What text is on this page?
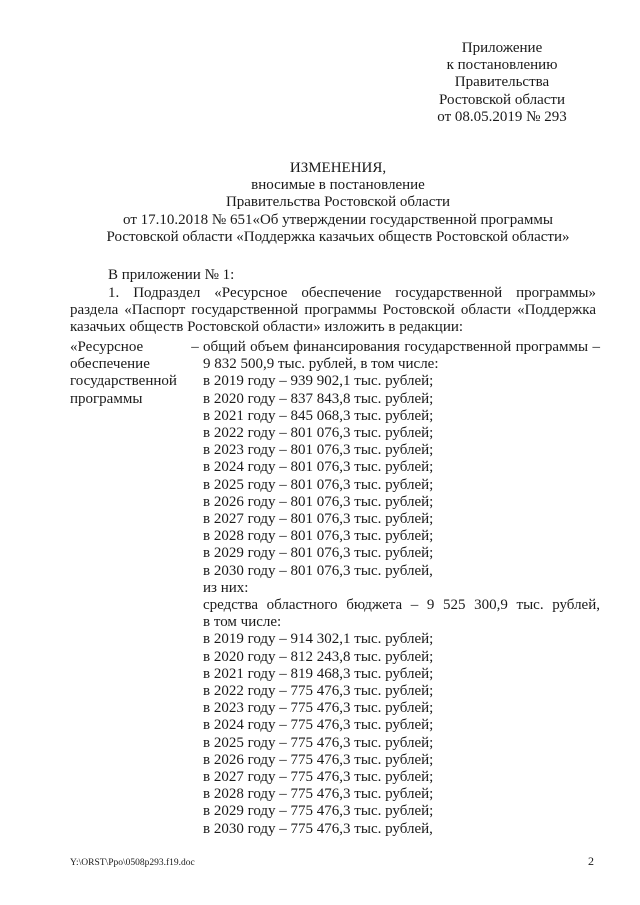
Приложение
к постановлению
Правительства
Ростовской области
от 08.05.2019 № 293
ИЗМЕНЕНИЯ,
вносимые в постановление
Правительства Ростовской области
от 17.10.2018 № 651«Об утверждении государственной программы
Ростовской области «Поддержка казачьих обществ Ростовской области»
В приложении № 1:
1. Подраздел «Ресурсное обеспечение государственной программы»
раздела «Паспорт государственной программы Ростовской области «Поддержка
казачьих обществ Ростовской области» изложить в редакции:
«Ресурсное
обеспечение
государственной
программы
– общий объем финансирования государственной программы –
9 832 500,9 тыс. рублей, в том числе:
в 2019 году – 939 902,1 тыс. рублей;
в 2020 году – 837 843,8 тыс. рублей;
в 2021 году – 845 068,3 тыс. рублей;
в 2022 году – 801 076,3 тыс. рублей;
в 2023 году – 801 076,3 тыс. рублей;
в 2024 году – 801 076,3 тыс. рублей;
в 2025 году – 801 076,3 тыс. рублей;
в 2026 году – 801 076,3 тыс. рублей;
в 2027 году – 801 076,3 тыс. рублей;
в 2028 году – 801 076,3 тыс. рублей;
в 2029 году – 801 076,3 тыс. рублей;
в 2030 году – 801 076,3 тыс. рублей,
из них:
средства областного бюджета – 9 525 300,9 тыс. рублей,
в том числе:
в 2019 году – 914 302,1 тыс. рублей;
в 2020 году – 812 243,8 тыс. рублей;
в 2021 году – 819 468,3 тыс. рублей;
в 2022 году – 775 476,3 тыс. рублей;
в 2023 году – 775 476,3 тыс. рублей;
в 2024 году – 775 476,3 тыс. рублей;
в 2025 году – 775 476,3 тыс. рублей;
в 2026 году – 775 476,3 тыс. рублей;
в 2027 году – 775 476,3 тыс. рублей;
в 2028 году – 775 476,3 тыс. рублей;
в 2029 году – 775 476,3 тыс. рублей;
в 2030 году – 775 476,3 тыс. рублей,
Y:\ORST\Ppo\0508p293.f19.doc	2
